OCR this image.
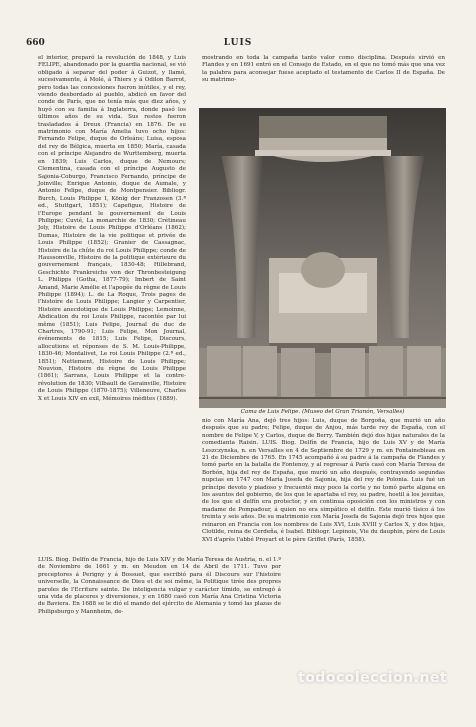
660	LUIS

el interior, preparó la revolución de 1848, y Luis FELIPE, abandonado por la guardia nacional, se vió obligado á separar del poder á Guizot, y llamó, sucesivamente, á Molé, á Thiers y á Odilon Barrot, pero todas las concesiones fueron inútiles, y el rey, viendo desbordado al pueblo, abdicó en favor del conde de París, que no tenía más que diez años, y huyó con su familia á Inglaterra, donde pasó los últimos años de su vida. Sus restos fueron trasladados á Dreux (Francia) en 1876. De su matrimonio con María Amelia tuvo ocho hijos: Fernando Felipe, duque de Orleáns; Luisa, esposa del rey de Bélgica, muerta en 1850; María, casada con el príncipe Alejandro de Wurttemberg, muerta en 1839; Luis Carlos, duque de Nemours; Clementina, casada con el príncipe Augusto de Sajonia-Coburgo, Francisco Fernando, príncipe de Joinville; Enrique Antonio, duque de Aumale, y Antonio Felipe, duque de Montpensier. Bibliogr. Burch, Louis Philippe I, König der Franzosen (3.ª ed., Stuttgart, 1851); Capefigue, Histoire de l'Europe pendant le gouvernement de Louis Philippe; Cuvié, La monarchie de 1830; Crétineau Joly, Histoire de Louis Philippe d'Orléans (1862); Dumas, Histoire de la vie politique et privée de Louis Philippe (1852); Granier de Cassagnac, Histoire de la chûte du roi Louis Philippe; conde de Haussonville, Histoire de la politique extérieure du gouvernement français, 1830-48; Hillebrand, Geschichte Frankreichs von der Thronbesteigung L. Philipps (Gotha, 1877-79); Imbert de Saint Amand, Marie Amélie et l'apogée du règne de Louis Philippe (1894); L. de La Roque, Trois pages de l'histoire de Louis Philippe; Langier y Carpentier, Histoire anecdotique de Louis Philippe; Lemoinne, Abdication du roi Louis Philippe, racontée par lui même (1851); Luis Felipe, Journal du duc de Chartres, 1790-91; Luis Felipe, Mon Journal, événements de 1815; Luis Felipe, Discours, allocutions et réponses de S. M. Louis-Philippe, 1830-46; Montalivet, Le roi Louis Philippe (2.ª ed., 1851); Nettement, Histoire de Louis Philippe; Nouvion, Histoire du règne de Louis Philippe (1861); Sarrans, Louis Philippe et la contre-révolution de 1830; Vilbault de Gerainville, Histoire de Louis Philippe (1870-1875); Villeneuve, Charles X et Louis XIV en exil, Mémoires inédites (1889).

mostrando en toda la campaña tanto valor como disciplina. Después sirvió en Flandes y en 1691 entró en el Consejo de Estado, en el que no tomó más que una vez la palabra para aconsejar fuese aceptado el testamento de Carlos II de España. De su matrimo-

Cama de Luis Felipe. (Museo del Gran Trianón, Versalles)

nio con María Ana, dejó tres hijos: Luis, duque de Borgoña, que murió un año después que su padre; Felipe, duque de Anjou, más tarde rey de España, con el nombre de Felipe V, y Carlos, duque de Berry. También dejó dos hijas naturales de la comedianta Raisin. LUIS. Biog. Delfín de Francia, hijo de Luis XV y de María Leszczynska, n. en Versalles en 4 de Septiembre de 1729 y m. en Fontainebleau en 21 de Diciembre de 1765. En 1745 acompañó á su padre á la campaña de Flandes y tomó parte en la batalla de Fontenoy, y al regresar á París casó con María Teresa de Borbón, hija del rey de España, que murió un año después, contrayendo segundas nupcias en 1747 con María Josefa de Sajonia, hija del rey de Polonia. Luis fué un príncipe devoto y piadoso y frecuentó muy poco la corte y no tomó parte alguna en los asuntos del gobierno, de los que le apartaba el rey, su padre, hostil á los jesuitas, de los que el delfín era protector, y en continua oposición con los ministros y con madame de Pompadour, á quien no era simpático el delfín. Este murió tísico á los treinta y seis años. De su matrimonio con María Josefa de Sajonia dejó tres hijos que reinaron en Francia con los nombres de Luis XVI, Luis XVIII y Carlos X, y dos hijas, Clotilde, reina de Cerdeña, é Isabel. Bibliogr. Lepinois, Vie du dauphin, père de Louis XVI d'après l'abbé Proyart et le père Griffet (París, 1858).

LUIS. Biog. Delfín de Francia, hijo de Luis XIV y de María Teresa de Austria, n. el 1.º de Noviembre de 1661 y m. en Meudon en 14 de Abril de 1711. Tuvo por preceptores á Perigny y á Bossuet, que escribió para él Discours sur l'histoire universelle, la Connaissance de Dieu et de soi même, la Politique tirée des propres paroles de l'Ecriture sainte. De inteligencia vulgar y carácter tímido, se entregó á una vida de placeres y diversiones, y en 1680 casó con María Ana Cristina Victoria de Baviera. En 1688 se le dió el mando del ejército de Alemania y tomó las plazas de Philipsburgo y Mannheim, de-

todocoleccion.net
